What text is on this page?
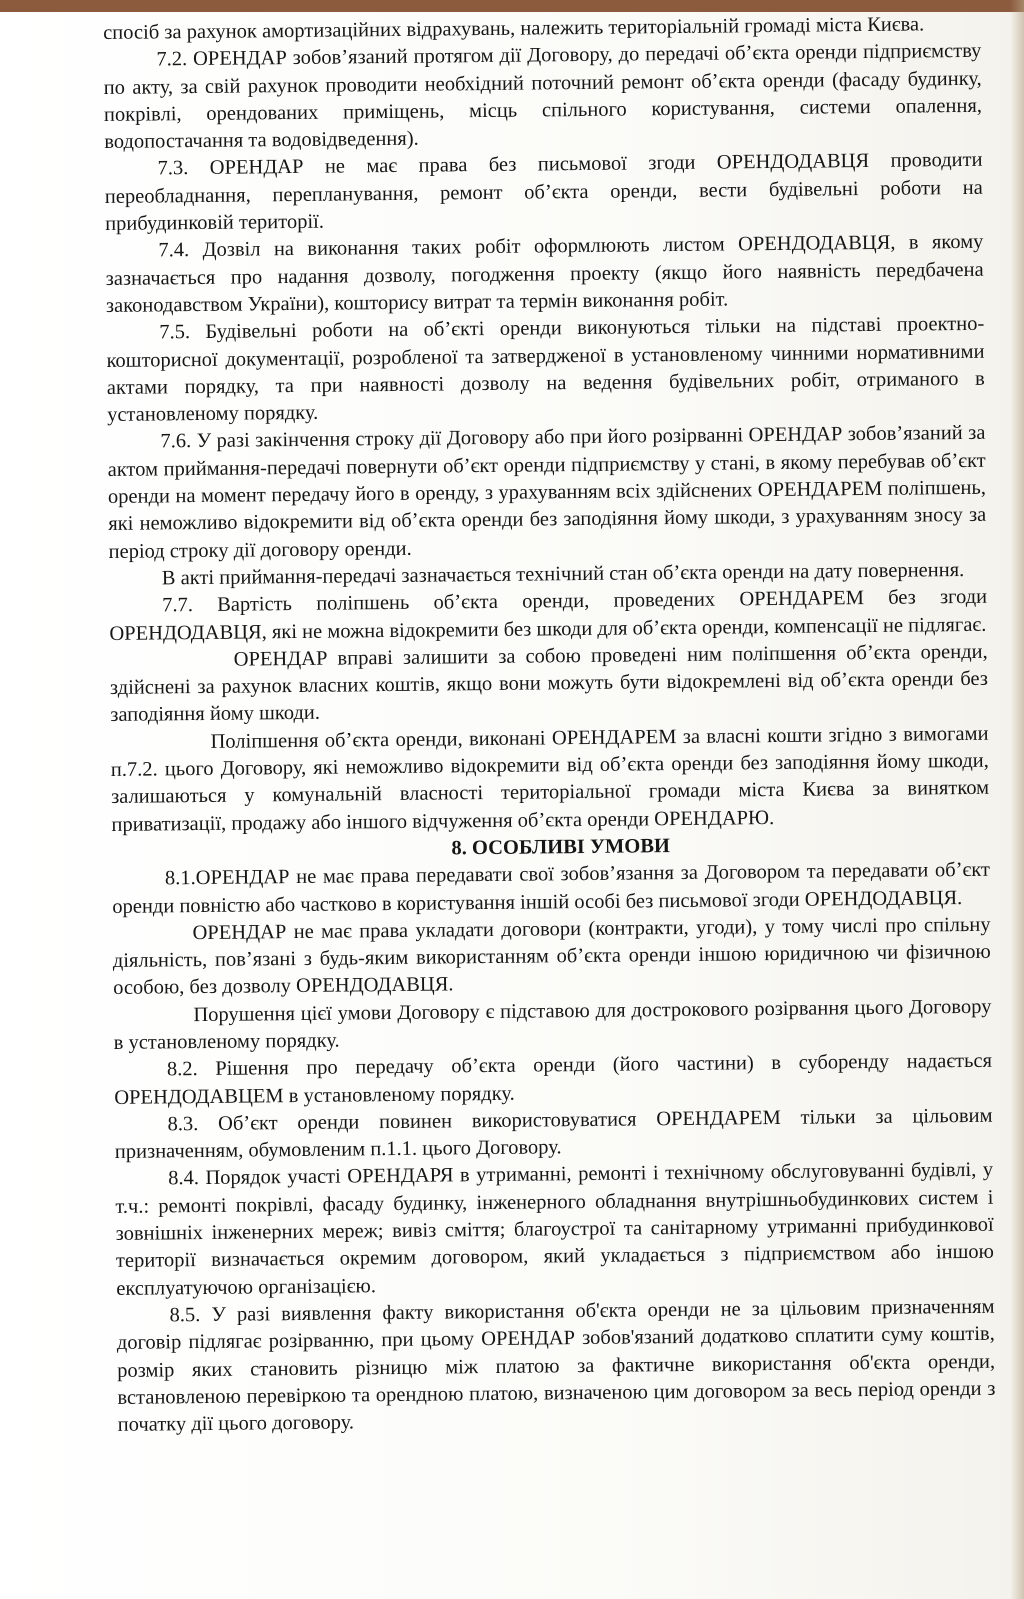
спосіб за рахунок амортизаційних відрахувань, належить територіальній громаді міста Києва.

7.2. ОРЕНДАР зобов’язаний протягом дії Договору, до передачі об’єкта оренди підприємству по акту, за свій рахунок проводити необхідний поточний ремонт об’єкта оренди (фасаду будинку, покрівлі, орендованих приміщень, місць спільного користування, системи опалення, водопостачання та водовідведення).

7.3. ОРЕНДАР не має права без письмової згоди ОРЕНДОДАВЦЯ проводити переобладнання, перепланування, ремонт об’єкта оренди, вести будівельні роботи на прибудинковій території.

7.4. Дозвіл на виконання таких робіт оформлюють листом ОРЕНДОДАВЦЯ, в якому зазначається про надання дозволу, погодження проекту (якщо його наявність передбачена законодавством України), кошторису витрат та термін виконання робіт.

7.5. Будівельні роботи на об’єкті оренди виконуються тільки на підставі проектно-кошторисної документації, розробленої та затвердженої в установленому чинними нормативними актами порядку, та при наявності дозволу на ведення будівельних робіт, отриманого в установленому порядку.

7.6. У разі закінчення строку дії Договору або при його розірванні ОРЕНДАР зобов’язаний за актом приймання-передачі повернути об’єкт оренди підприємству у стані, в якому перебував об’єкт оренди на момент передачу його в оренду, з урахуванням всіх здійснених ОРЕНДАРЕМ поліпшень, які неможливо відокремити від об’єкта оренди без заподіяння йому шкоди, з урахуванням зносу за період строку дії договору оренди.

В акті приймання-передачі зазначається технічний стан об’єкта оренди на дату повернення.

7.7. Вартість поліпшень об’єкта оренди, проведених ОРЕНДАРЕМ без згоди ОРЕНДОДАВЦЯ, які не можна відокремити без шкоди для об’єкта оренди, компенсації не підлягає.

ОРЕНДАР вправі залишити за собою проведені ним поліпшення об’єкта оренди, здійснені за рахунок власних коштів, якщо вони можуть бути відокремлені від об’єкта оренди без заподіяння йому шкоди.

Поліпшення об’єкта оренди, виконані ОРЕНДАРЕМ за власні кошти згідно з вимогами п.7.2. цього Договору, які неможливо відокремити від об’єкта оренди без заподіяння йому шкоди, залишаються у комунальній власності територіальної громади міста Києва за винятком приватизації, продажу або іншого відчуження об’єкта оренди ОРЕНДАРЮ.

8. ОСОБЛИВІ УМОВИ

8.1.ОРЕНДАР не має права передавати свої зобов’язання за Договором та передавати об’єкт оренди повністю або частково в користування іншій особі без письмової згоди ОРЕНДОДАВЦЯ.

ОРЕНДАР не має права укладати договори (контракти, угоди), у тому числі про спільну діяльність, пов’язані з будь-яким використанням об’єкта оренди іншою юридичною чи фізичною особою, без дозволу ОРЕНДОДАВЦЯ.

Порушення цієї умови Договору є підставою для дострокового розірвання цього Договору в установленому порядку.

8.2. Рішення про передачу об’єкта оренди (його частини) в суборенду надається ОРЕНДОДАВЦЕМ в установленому порядку.

8.3. Об’єкт оренди повинен використовуватися ОРЕНДАРЕМ тільки за цільовим призначенням, обумовленим п.1.1. цього Договору.

8.4. Порядок участі ОРЕНДАРЯ в утриманні, ремонті і технічному обслуговуванні будівлі, у т.ч.: ремонті покрівлі, фасаду будинку, інженерного обладнання внутрішньобудинкових систем і зовнішніх інженерних мереж; вивіз сміття; благоустрої та санітарному утриманні прибудинкової території визначається окремим договором, який укладається з підприємством або іншою експлуатуючою організацією.

8.5. У разі виявлення факту використання об'єкта оренди не за цільовим призначенням договір підлягає розірванню, при цьому ОРЕНДАР зобов'язаний додатково сплатити суму коштів, розмір яких становить різницю між платою за фактичне використання об'єкта оренди, встановленою перевіркою та орендною платою, визначеною цим договором за весь період оренди з початку дії цього договору.
